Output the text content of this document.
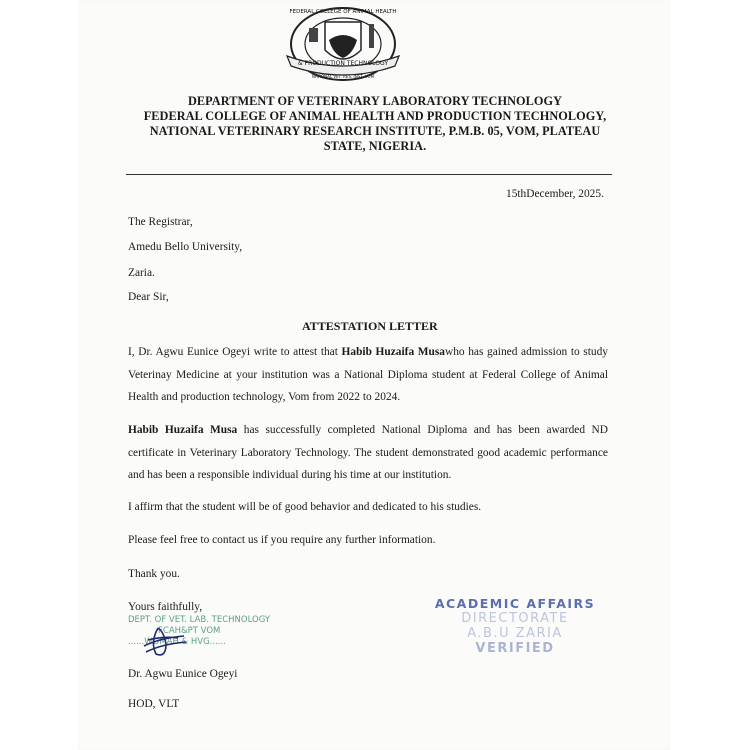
& PRODUCTION TECHNOLOGY
NATIONAL VET. RES. INST. VOM
FEDERAL COLLEGE OF ANIMAL HEALTH
DEPARTMENT OF VETERINARY LABORATORY TECHNOLOGY
FEDERAL COLLEGE OF ANIMAL HEALTH AND PRODUCTION TECHNOLOGY,
NATIONAL VETERINARY RESEARCH INSTITUTE, P.M.B. 05, VOM, PLATEAU
STATE, NIGERIA.
15thDecember, 2025.
The Registrar,
Amedu Bello University,
Zaria.
Dear Sir,
ATTESTATION LETTER
I, Dr. Agwu Eunice Ogeyi write to attest that Habib Huzaifa Musawho has gained admission to study Veterinay Medicine at your institution was a National Diploma student at Federal College of Animal Health and production technology, Vom from 2022 to 2024.
Habib Huzaifa Musa has successfully completed National Diploma and has been awarded ND certificate in Veterinary Laboratory Technology. The student demonstrated good academic performance and has been a responsible individual during his time at our institution.
I affirm that the student will be of good behavior and dedicated to his studies.
Please feel free to contact us if you require any further information.
Thank you.
Yours faithfully,
DEPT. OF VET. LAB. TECHNOLOGY
FCAH&PT VOM
......WOMAH & HVG......
Dr. Agwu Eunice Ogeyi
HOD, VLT
ACADEMIC AFFAIRS
DIRECTORATE
A.B.U ZARIA
VERIFIED
